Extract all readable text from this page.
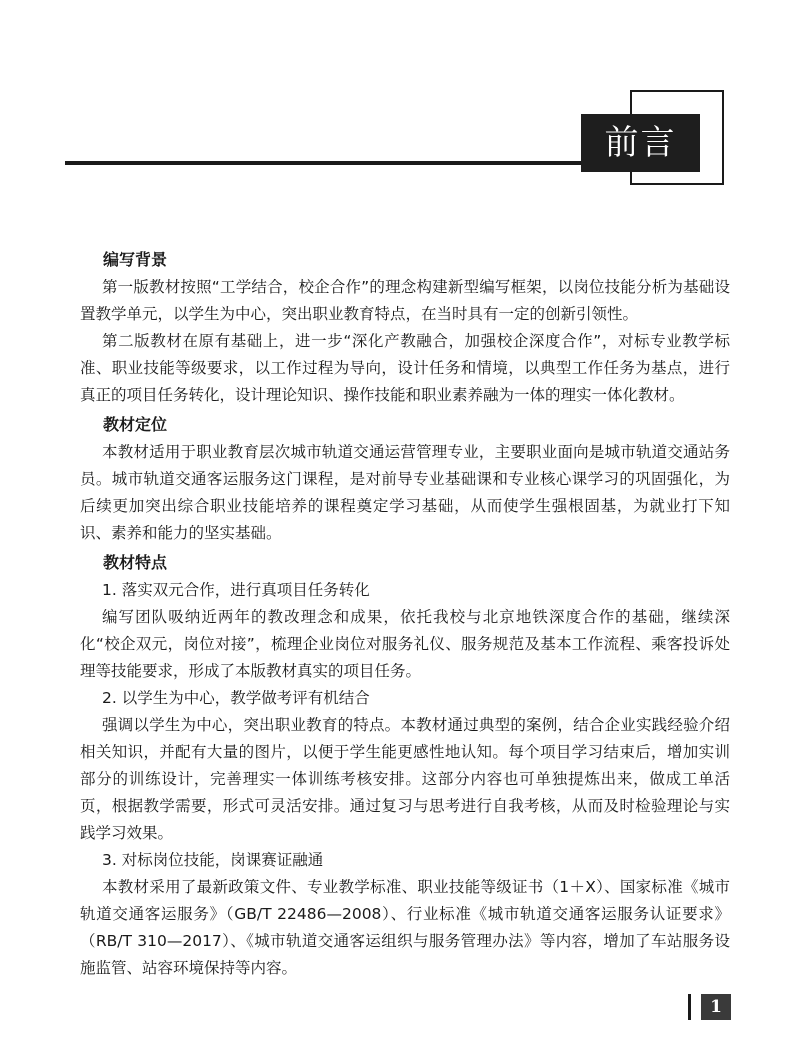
前言
编写背景

第一版教材按照“工学结合，校企合作”的理念构建新型编写框架，以岗位技能分析为基础设置教学单元，以学生为中心，突出职业教育特点，在当时具有一定的创新引领性。

第二版教材在原有基础上，进一步“深化产教融合，加强校企深度合作”，对标专业教学标准、职业技能等级要求，以工作过程为导向，设计任务和情境，以典型工作任务为基点，进行真正的项目任务转化，设计理论知识、操作技能和职业素养融为一体的理实一体化教材。

教材定位

本教材适用于职业教育层次城市轨道交通运营管理专业，主要职业面向是城市轨道交通站务员。城市轨道交通客运服务这门课程，是对前导专业基础课和专业核心课学习的巩固强化，为后续更加突出综合职业技能培养的课程奠定学习基础，从而使学生强根固基，为就业打下知识、素养和能力的坚实基础。

教材特点

1. 落实双元合作，进行真项目任务转化

编写团队吸纳近两年的教改理念和成果，依托我校与北京地铁深度合作的基础，继续深化“校企双元，岗位对接”，梳理企业岗位对服务礼仪、服务规范及基本工作流程、乘客投诉处理等技能要求，形成了本版教材真实的项目任务。

2. 以学生为中心，教学做考评有机结合

强调以学生为中心，突出职业教育的特点。本教材通过典型的案例，结合企业实践经验介绍相关知识，并配有大量的图片，以便于学生能更感性地认知。每个项目学习结束后，增加实训部分的训练设计，完善理实一体训练考核安排。这部分内容也可单独提炼出来，做成工单活页，根据教学需要，形式可灵活安排。通过复习与思考进行自我考核，从而及时检验理论与实践学习效果。

3. 对标岗位技能，岗课赛证融通

本教材采用了最新政策文件、专业教学标准、职业技能等级证书（1＋X）、国家标准《城市轨道交通客运服务》（GB/T 22486—2008）、行业标准《城市轨道交通客运服务认证要求》（RB/T 310—2017）、《城市轨道交通客运组织与服务管理办法》等内容，增加了车站服务设施监管、站容环境保持等内容。

1
